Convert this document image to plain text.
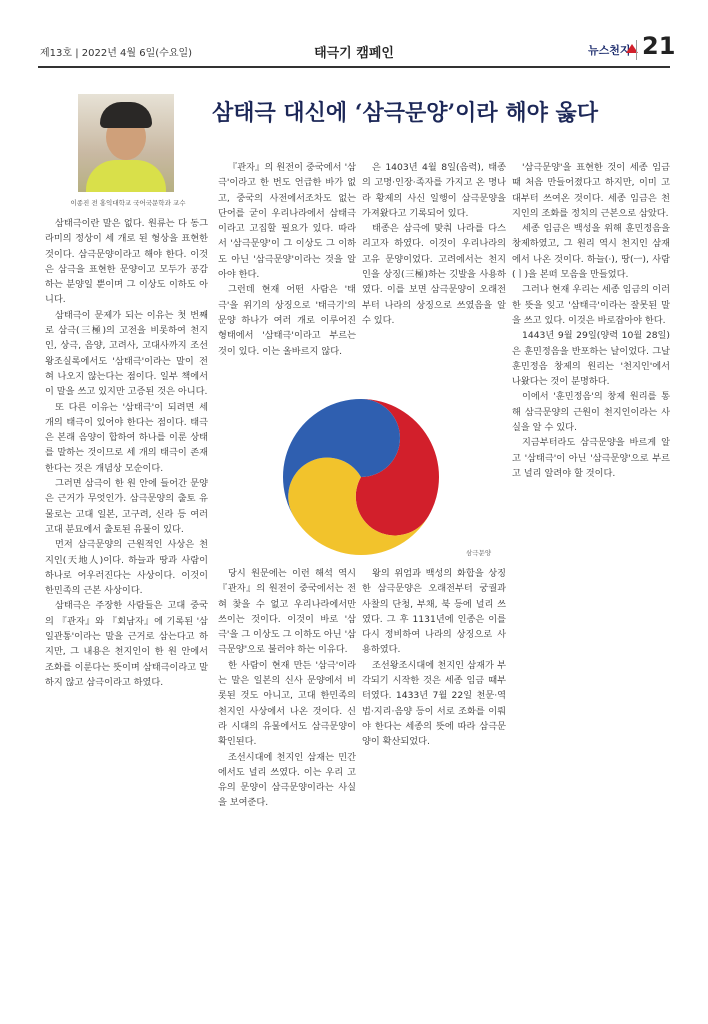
제13호 | 2022년 4월 6일(수요일)	태극기 캠페인	뉴스천지 21
삼태극 대신에 ‘삼극문양’이라 해야 옳다
이종진 전 홍익대학교 국어국문학과 교수

삼태극이란 말은 없다. 원류는 다 동그라미의 정상이 세 개로 된 형상을 표현한 것이다. 삼극문양이라고 해야 한다. 이것은 삼극을 표현한 문양이고 모두가 공감하는 분양일 뿐이며 그 이상도 이하도 아니다.

삼태극이 문제가 되는 이유는 첫 번째로 삼극(三極)의 고전을 비롯하여 천지인, 상극, 음양, 고려사, 고대사까지 조선왕조실록에서도 '삼태극'이라는 말이 전혀 나오지 않는다는 점이다. 일부 책에서 이 말을 쓰고 있지만 고증된 것은 아니다.

또 다른 이유는 '삼태극'이 되려면 세 개의 태극이 있어야 한다는 점이다. 태극은 본래 음양이 합하여 하나를 이룬 상태를 말하는 것이므로 세 개의 태극이 존재한다는 것은 개념상 모순이다.

그러면 삼극이 한 원 안에 들어간 문양은 근거가 무엇인가. 삼극문양의 출토 유물로는 고대 일본, 고구려, 신라 등 여러 고대 분묘에서 출토된 유물이 있다.

먼저 삼극문양의 근원적인 사상은 천지인(天地人)이다. 하늘과 땅과 사람이 하나로 어우러진다는 사상이다. 이것이 한민족의 근본 사상이다.

삼태극은 주장한 사람들은 고대 중국의 『관자』와 『회남자』에 기록된 '삼일관통'이라는 말을 근거로 삼는다고 하지만, 그 내용은 천지인이 한 원 안에서 조화를 이룬다는 뜻이며 삼태극이라고 말하지 않고 삼극이라고 하였다.

『관자』의 원전이 중국에서 '삼극'이라고 한 번도 언급한 바가 없고, 중국의 사전에서조차도 없는 단어를 굳이 우리나라에서 삼태극이라고 고집할 필요가 있다. 따라서 '삼극문양'이 그 이상도 그 이하도 아닌 '삼극문양'이라는 것을 알아야 한다.

그런데 현재 어떤 사람은 '태극'을 위기의 상징으로 '태극기'의 문양 하나가 여러 개로 이루어진 형태에서 '삼태극'이라고 부르는 것이 있다. 이는 올바르지 않다.

은 1403년 4월 8일(음력), 태종의 고명·인장·족자를 가지고 온 명나라 황제의 사신 일행이 삼극문양을 가져왔다고 기록되어 있다.

태종은 삼극에 맞춰 나라를 다스리고자 하였다. 이것이 우리나라의 고유 문양이었다. 고려에서는 천지인을 상징(三極)하는 깃발을 사용하였다. 이를 보면 삼극문양이 오래전부터 나라의 상징으로 쓰였음을 알 수 있다.

'삼극문양'을 표현한 것이 세종 임금 때 처음 만들어졌다고 하지만, 이미 고대부터 쓰여온 것이다. 세종 임금은 천지인의 조화를 정치의 근본으로 삼았다.

세종 임금은 백성을 위해 훈민정음을 창제하였고, 그 원리 역시 천지인 삼재에서 나온 것이다. 하늘(·), 땅(ㅡ), 사람(ㅣ)을 본떠 모음을 만들었다.

그러나 현재 우리는 세종 임금의 이러한 뜻을 잊고 '삼태극'이라는 잘못된 말을 쓰고 있다. 이것은 바로잡아야 한다.

1443년 9월 29일(양력 10월 28일)은 훈민정음을 반포하는 날이었다. 그날 훈민정음 창제의 원리는 '천지인'에서 나왔다는 것이 분명하다.

이에서 '훈민정음'의 창제 원리를 통해 삼극문양의 근원이 천지인이라는 사실을 알 수 있다.

지금부터라도 삼극문양을 바르게 알고 '삼태극'이 아닌 '삼극문양'으로 부르고 널리 알려야 할 것이다.

당시 원문에는 이런 해석 역시 『관자』의 원전이 중국에서는 전혀 찾을 수 없고 우리나라에서만 쓰이는 것이다. 이것이 바로 '삼극'을 그 이상도 그 이하도 아닌 '삼극문양'으로 불러야 하는 이유다.

한 사람이 현재 만든 '삼극'이라는 말은 일본의 신사 문양에서 비롯된 것도 아니고, 고대 한민족의 천지인 사상에서 나온 것이다. 신라 시대의 유물에서도 삼극문양이 확인된다.

조선시대에 천지인 삼재는 민간에서도 널리 쓰였다. 이는 우리 고유의 문양이 삼극문양이라는 사실을 보여준다.

왕의 위엄과 백성의 화합을 상징한 삼극문양은 오래전부터 궁궐과 사찰의 단청, 부채, 북 등에 널리 쓰였다. 그 후 1131년에 인종은 이를 다시 정비하여 나라의 상징으로 사용하였다.

조선왕조시대에 천지인 삼재가 부각되기 시작한 것은 세종 임금 때부터였다. 1433년 7월 22일 천문·역법·지리·음양 등이 서로 조화를 이뤄야 한다는 세종의 뜻에 따라 삼극문양이 확산되었다.

삼극문양
